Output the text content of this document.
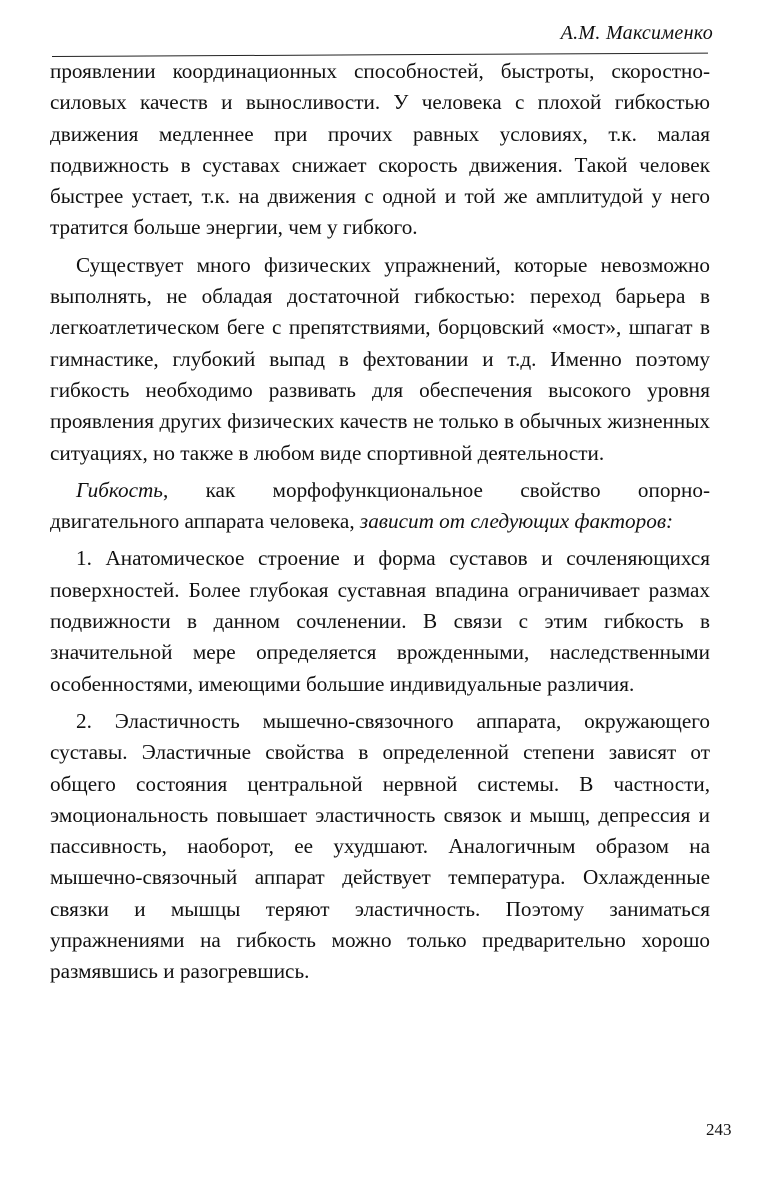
А.М. Максименко

проявлении координационных способностей, быстроты, скоростно-силовых качеств и выносливости. У человека с плохой гибкостью движения медленнее при прочих равных условиях, т.к. малая подвижность в суставах снижает скорость движения. Такой человек быстрее устает, т.к. на движения с одной и той же амплитудой у него тратится больше энергии, чем у гибкого.

Существует много физических упражнений, которые невозможно выполнять, не обладая достаточной гибкостью: переход барьера в легкоатлетическом беге с препятствиями, борцовский «мост», шпагат в гимнастике, глубокий выпад в фехтовании и т.д. Именно поэтому гибкость необходимо развивать для обеспечения высокого уровня проявления других физических качеств не только в обычных жизненных ситуациях, но также в любом виде спортивной деятельности.

Гибкость, как морфофункциональное свойство опорно-двигательного аппарата человека, зависит от следующих факторов:

1. Анатомическое строение и форма суставов и сочленяющихся поверхностей. Более глубокая суставная впадина ограничивает размах подвижности в данном сочленении. В связи с этим гибкость в значительной мере определяется врожденными, наследственными особенностями, имеющими большие индивидуальные различия.

2. Эластичность мышечно-связочного аппарата, окружающего суставы. Эластичные свойства в определенной степени зависят от общего состояния центральной нервной системы. В частности, эмоциональность повышает эластичность связок и мышц, депрессия и пассивность, наоборот, ее ухудшают. Аналогичным образом на мышечно-связочный аппарат действует температура. Охлажденные связки и мышцы теряют эластичность. Поэтому заниматься упражнениями на гибкость можно только предварительно хорошо размявшись и разогревшись.

243
